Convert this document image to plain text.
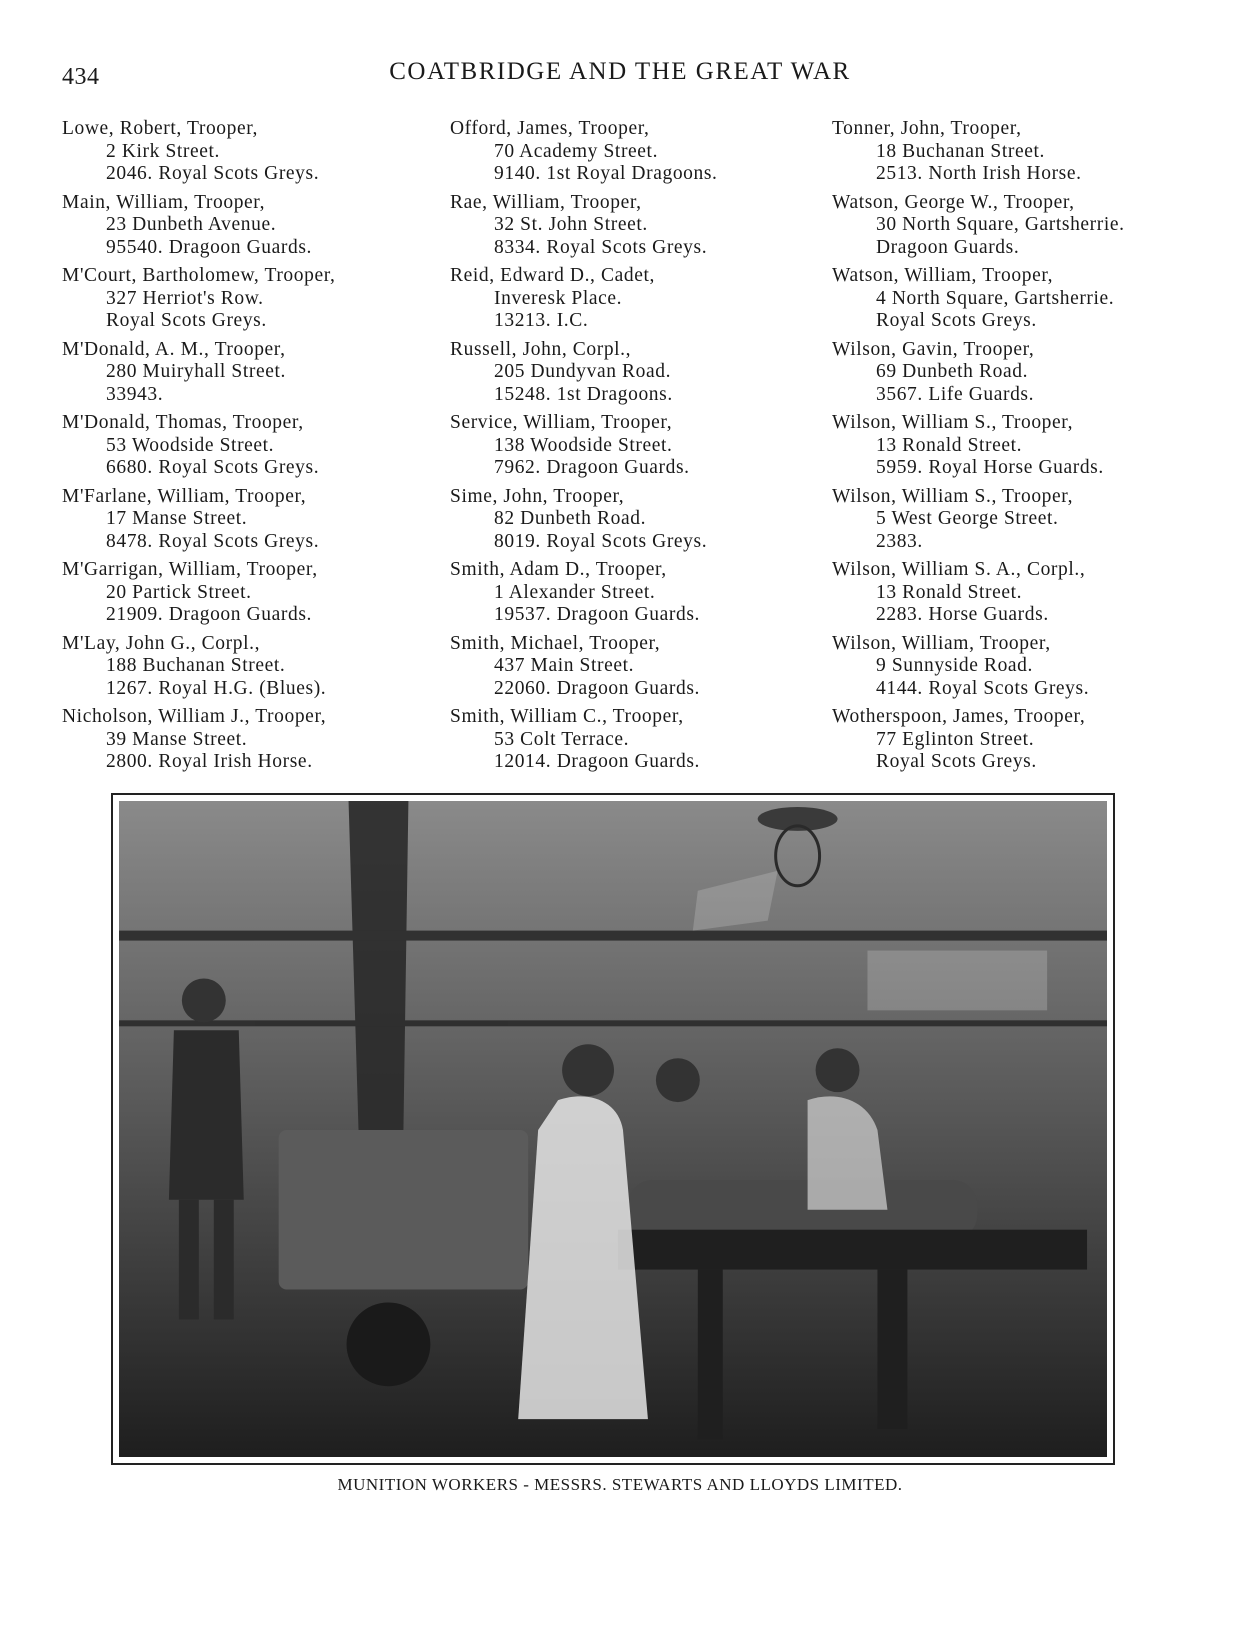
434	COATBRIDGE AND THE GREAT WAR
Lowe, Robert, Trooper,
2 Kirk Street.
2046. Royal Scots Greys.
Main, William, Trooper,
23 Dunbeth Avenue.
95540. Dragoon Guards.
M'Court, Bartholomew, Trooper,
327 Herriot's Row.
Royal Scots Greys.
M'Donald, A. M., Trooper,
280 Muiryhall Street.
33943.
M'Donald, Thomas, Trooper,
53 Woodside Street.
6680. Royal Scots Greys.
M'Farlane, William, Trooper,
17 Manse Street.
8478. Royal Scots Greys.
M'Garrigan, William, Trooper,
20 Partick Street.
21909. Dragoon Guards.
M'Lay, John G., Corpl.,
188 Buchanan Street.
1267. Royal H.G. (Blues).
Nicholson, William J., Trooper,
39 Manse Street.
2800. Royal Irish Horse.
Offord, James, Trooper,
70 Academy Street.
9140. 1st Royal Dragoons.
Rae, William, Trooper,
32 St. John Street.
8334. Royal Scots Greys.
Reid, Edward D., Cadet,
Inveresk Place.
13213. I.C.
Russell, John, Corpl.,
205 Dundyvan Road.
15248. 1st Dragoons.
Service, William, Trooper,
138 Woodside Street.
7962. Dragoon Guards.
Sime, John, Trooper,
82 Dunbeth Road.
8019. Royal Scots Greys.
Smith, Adam D., Trooper,
1 Alexander Street.
19537. Dragoon Guards.
Smith, Michael, Trooper,
437 Main Street.
22060. Dragoon Guards.
Smith, William C., Trooper,
53 Colt Terrace.
12014. Dragoon Guards.
Tonner, John, Trooper,
18 Buchanan Street.
2513. North Irish Horse.
Watson, George W., Trooper,
30 North Square, Gartsherrie.
Dragoon Guards.
Watson, William, Trooper,
4 North Square, Gartsherrie.
Royal Scots Greys.
Wilson, Gavin, Trooper,
69 Dunbeth Road.
3567. Life Guards.
Wilson, William S., Trooper,
13 Ronald Street.
5959. Royal Horse Guards.
Wilson, William S., Trooper,
5 West George Street.
2383.
Wilson, William S. A., Corpl.,
13 Ronald Street.
2283. Horse Guards.
Wilson, William, Trooper,
9 Sunnyside Road.
4144. Royal Scots Greys.
Wotherspoon, James, Trooper,
77 Eglinton Street.
Royal Scots Greys.
MUNITION WORKERS - MESSRS. STEWARTS AND LLOYDS LIMITED.
